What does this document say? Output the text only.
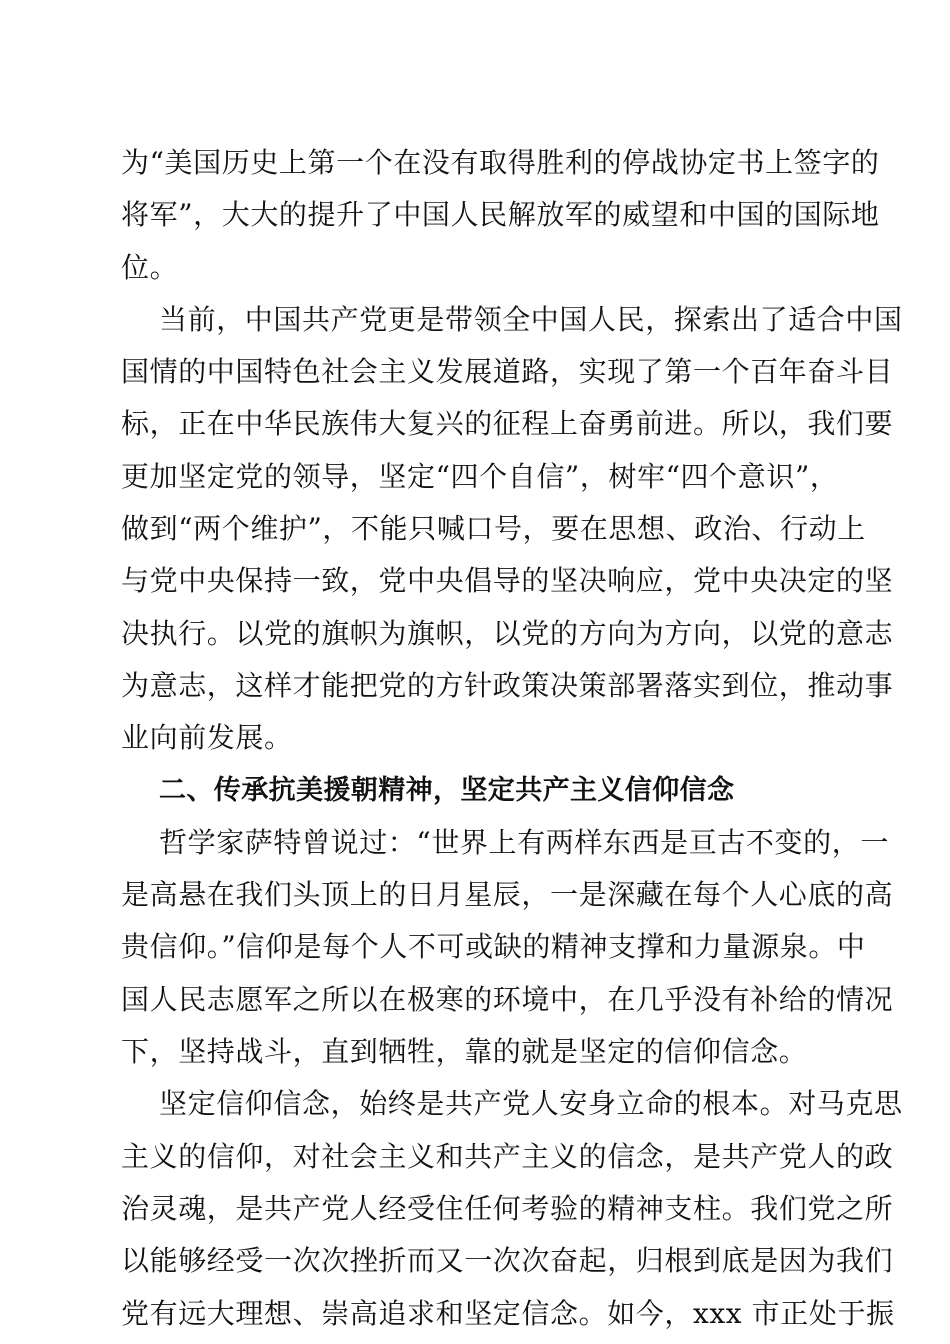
为“美国历史上第一个在没有取得胜利的停战协定书上签字的
将军”，大大的提升了中国人民解放军的威望和中国的国际地
位。

当前，中国共产党更是带领全中国人民，探索出了适合中国
国情的中国特色社会主义发展道路，实现了第一个百年奋斗目
标，正在中华民族伟大复兴的征程上奋勇前进。所以，我们要
更加坚定党的领导，坚定“四个自信”，树牢“四个意识”，
做到“两个维护”，不能只喊口号，要在思想、政治、行动上
与党中央保持一致，党中央倡导的坚决响应，党中央决定的坚
决执行。以党的旗帜为旗帜，以党的方向为方向，以党的意志
为意志，这样才能把党的方针政策决策部署落实到位，推动事
业向前发展。

二、传承抗美援朝精神，坚定共产主义信仰信念

哲学家萨特曾说过：“世界上有两样东西是亘古不变的，一
是高悬在我们头顶上的日月星辰，一是深藏在每个人心底的高
贵信仰。”信仰是每个人不可或缺的精神支撑和力量源泉。中
国人民志愿军之所以在极寒的环境中，在几乎没有补给的情况
下，坚持战斗，直到牺牲，靠的就是坚定的信仰信念。

坚定信仰信念，始终是共产党人安身立命的根本。对马克思
主义的信仰，对社会主义和共产主义的信念，是共产党人的政
治灵魂，是共产党人经受住任何考验的精神支柱。我们党之所
以能够经受一次次挫折而又一次次奋起，归根到底是因为我们
党有远大理想、崇高追求和坚定信念。如今，xxx 市正处于振
